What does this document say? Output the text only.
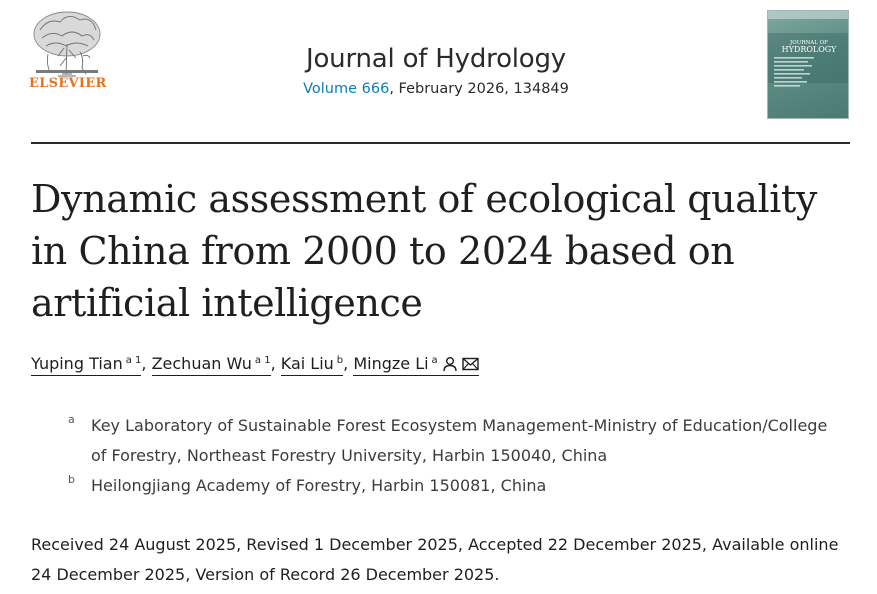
ELSEVIER
Journal of Hydrology
Volume 666, February 2026, 134849
JOURNAL OF
HYDROLOGY
Dynamic assessment of ecological quality in China from 2000 to 2024 based on artificial intelligence
Yuping Tian $^{a 1}$, Zechuan Wu $^{a 1}$, Kai Liu $^b$, Mingze Li $^a$
a Key Laboratory of Sustainable Forest Ecosystem Management-Ministry of Education/College of Forestry, Northeast Forestry University, Harbin 150040, China
b Heilongjiang Academy of Forestry, Harbin 150081, China
Received 24 August 2025, Revised 1 December 2025, Accepted 22 December 2025, Available online 24 December 2025, Version of Record 26 December 2025.
